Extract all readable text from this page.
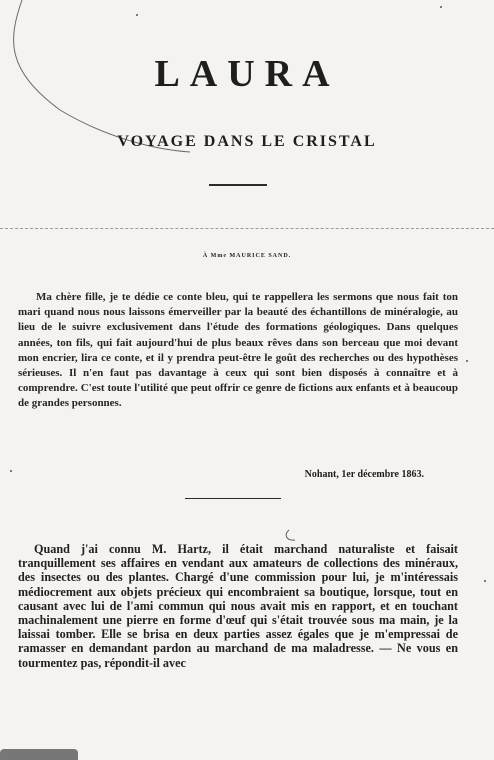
LAURA
VOYAGE DANS LE CRISTAL
À Mme MAURICE SAND.

Ma chère fille, je te dédie ce conte bleu, qui te rappellera les sermons que nous fait ton mari quand nous nous laissons émerveiller par la beauté des échantillons de minéralogie, au lieu de le suivre exclusivement dans l'étude des formations géologiques. Dans quelques années, ton fils, qui fait aujourd'hui de plus beaux rêves dans son berceau que moi devant mon encrier, lira ce conte, et il y prendra peut-être le goût des recherches ou des hypothèses sérieuses. Il n'en faut pas davantage à ceux qui sont bien disposés à connaître et à comprendre. C'est toute l'utilité que peut offrir ce genre de fictions aux enfants et à beaucoup de grandes personnes.

Nohant, 1er décembre 1863.

Quand j'ai connu M. Hartz, il était marchand naturaliste et faisait tranquillement ses affaires en vendant aux amateurs de collections des minéraux, des insectes ou des plantes. Chargé d'une commission pour lui, je m'intéressais médiocrement aux objets précieux qui encombraient sa boutique, lorsque, tout en causant avec lui de l'ami commun qui nous avait mis en rapport, et en touchant machinalement une pierre en forme d'œuf qui s'était trouvée sous ma main, je la laissai tomber. Elle se brisa en deux parties assez égales que je m'empressai de ramasser en demandant pardon au marchand de ma maladresse. — Ne vous en tourmentez pas, répondit-il avec
